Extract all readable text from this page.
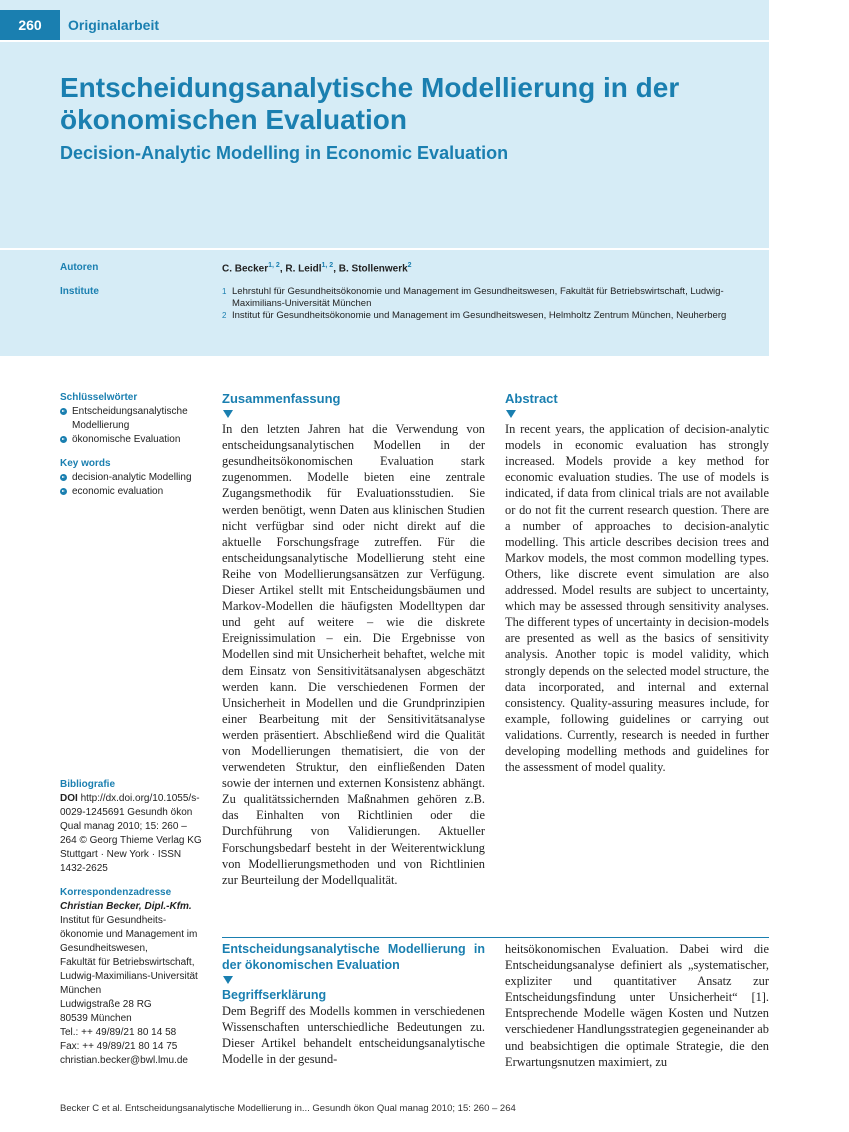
260	Originalarbeit
Entscheidungsanalytische Modellierung in der ökonomischen Evaluation
Decision-Analytic Modelling in Economic Evaluation
Autoren	C. Becker$^{1, 2}$, R. Leidl$^{1, 2}$, B. Stollenwerk$^2$
Institute	1 Lehrstuhl für Gesundheitsökonomie und Management im Gesundheitswesen, Fakultät für Betriebswirtschaft, Ludwig-Maximilians-Universität München
2 Institut für Gesundheitsökonomie und Management im Gesundheitswesen, Helmholtz Zentrum München, Neuherberg
Schlüsselwörter
Entscheidungsanalytische Modellierung
ökonomische Evaluation
Key words
decision-analytic Modelling
economic evaluation
Bibliografie
DOI http://dx.doi.org/10.1055/s-0029-1245691 Gesundh ökon Qual manag 2010; 15: 260 – 264 © Georg Thieme Verlag KG Stuttgart · New York · ISSN 1432-2625
Korrespondenzadresse
Christian Becker, Dipl.-Kfm.
Institut für Gesundheits-ökonomie und Management im Gesundheitswesen,
Fakultät für Betriebswirtschaft, Ludwig-Maximilians-Universität München
Ludwigstraße 28 RG
80539 München
Tel.: ++ 49/89/21 80 14 58
Fax: ++ 49/89/21 80 14 75
christian.becker@bwl.lmu.de
Zusammenfassung
In den letzten Jahren hat die Verwendung von entscheidungsanalytischen Modellen in der gesundheitsökonomischen Evaluation stark zugenommen. Modelle bieten eine zentrale Zugangsmethodik für Evaluationsstudien. Sie werden benötigt, wenn Daten aus klinischen Studien nicht verfügbar sind oder nicht direkt auf die aktuelle Forschungsfrage zutreffen. Für die entscheidungsanalytische Modellierung steht eine Reihe von Modellierungsansätzen zur Verfügung. Dieser Artikel stellt mit Entscheidungsbäumen und Markov-Modellen die häufigsten Modelltypen dar und geht auf weitere – wie die diskrete Ereignissimulation – ein. Die Ergebnisse von Modellen sind mit Unsicherheit behaftet, welche mit dem Einsatz von Sensitivitätsanalysen abgeschätzt werden kann. Die verschiedenen Formen der Unsicherheit in Modellen und die Grundprinzipien einer Bearbeitung mit der Sensitivitätsanalyse werden präsentiert. Abschließend wird die Qualität von Modellierungen thematisiert, die von der verwendeten Struktur, den einfließenden Daten sowie der internen und externen Konsistenz abhängt. Zu qualitätssichernden Maßnahmen gehören z.B. das Einhalten von Richtlinien oder die Durchführung von Validierungen. Aktueller Forschungsbedarf besteht in der Weiterentwicklung von Modellierungsmethoden und von Richtlinien zur Beurteilung der Modellqualität.
Abstract
In recent years, the application of decision-analytic models in economic evaluation has strongly increased. Models provide a key method for economic evaluation studies. The use of models is indicated, if data from clinical trials are not available or do not fit the current research question. There are a number of approaches to decision-analytic modelling. This article describes decision trees and Markov models, the most common modelling types. Others, like discrete event simulation are also addressed. Model results are subject to uncertainty, which may be assessed through sensitivity analyses. The different types of uncertainty in decision-models are presented as well as the basics of sensitivity analysis. Another topic is model validity, which strongly depends on the selected model structure, the data incorporated, and internal and external consistency. Quality-assuring measures include, for example, following guidelines or carrying out validations. Currently, research is needed in further developing modelling methods and guidelines for the assessment of model quality.
Entscheidungsanalytische Modellierung in der ökonomischen Evaluation
Begriffserklärung
Dem Begriff des Modells kommen in verschiedenen Wissenschaften unterschiedliche Bedeutungen zu. Dieser Artikel behandelt entscheidungsanalytische Modelle in der gesund-
heitsökonomischen Evaluation. Dabei wird die Entscheidungsanalyse definiert als „systematischer, expliziter und quantitativer Ansatz zur Entscheidungsfindung unter Unsicherheit“ [1]. Entsprechende Modelle wägen Kosten und Nutzen verschiedener Handlungsstrategien gegeneinander ab und beabsichtigen die optimale Strategie, die den Erwartungsnutzen maximiert, zu
Becker C et al. Entscheidungsanalytische Modellierung in... Gesundh ökon Qual manag 2010; 15: 260 – 264
